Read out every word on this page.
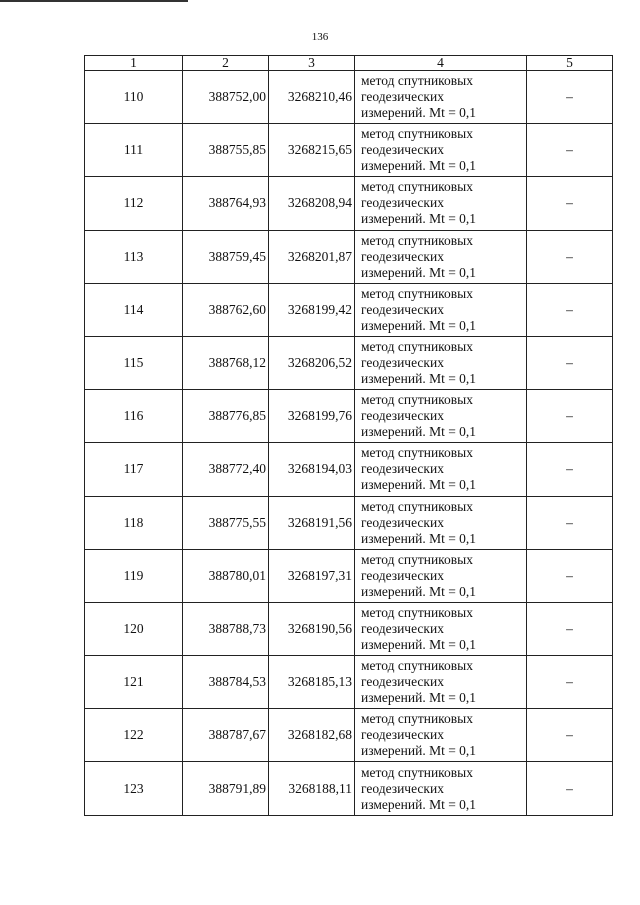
136
1	2	3	4	5
110	388752,00	3268210,46	метод спутниковых
геодезических
измерений. Mt = 0,1	–
111	388755,85	3268215,65	метод спутниковых
геодезических
измерений. Mt = 0,1	–
112	388764,93	3268208,94	метод спутниковых
геодезических
измерений. Mt = 0,1	–
113	388759,45	3268201,87	метод спутниковых
геодезических
измерений. Mt = 0,1	–
114	388762,60	3268199,42	метод спутниковых
геодезических
измерений. Mt = 0,1	–
115	388768,12	3268206,52	метод спутниковых
геодезических
измерений. Mt = 0,1	–
116	388776,85	3268199,76	метод спутниковых
геодезических
измерений. Mt = 0,1	–
117	388772,40	3268194,03	метод спутниковых
геодезических
измерений. Mt = 0,1	–
118	388775,55	3268191,56	метод спутниковых
геодезических
измерений. Mt = 0,1	–
119	388780,01	3268197,31	метод спутниковых
геодезических
измерений. Mt = 0,1	–
120	388788,73	3268190,56	метод спутниковых
геодезических
измерений. Mt = 0,1	–
121	388784,53	3268185,13	метод спутниковых
геодезических
измерений. Mt = 0,1	–
122	388787,67	3268182,68	метод спутниковых
геодезических
измерений. Mt = 0,1	–
123	388791,89	3268188,11	метод спутниковых
геодезических
измерений. Mt = 0,1	–
